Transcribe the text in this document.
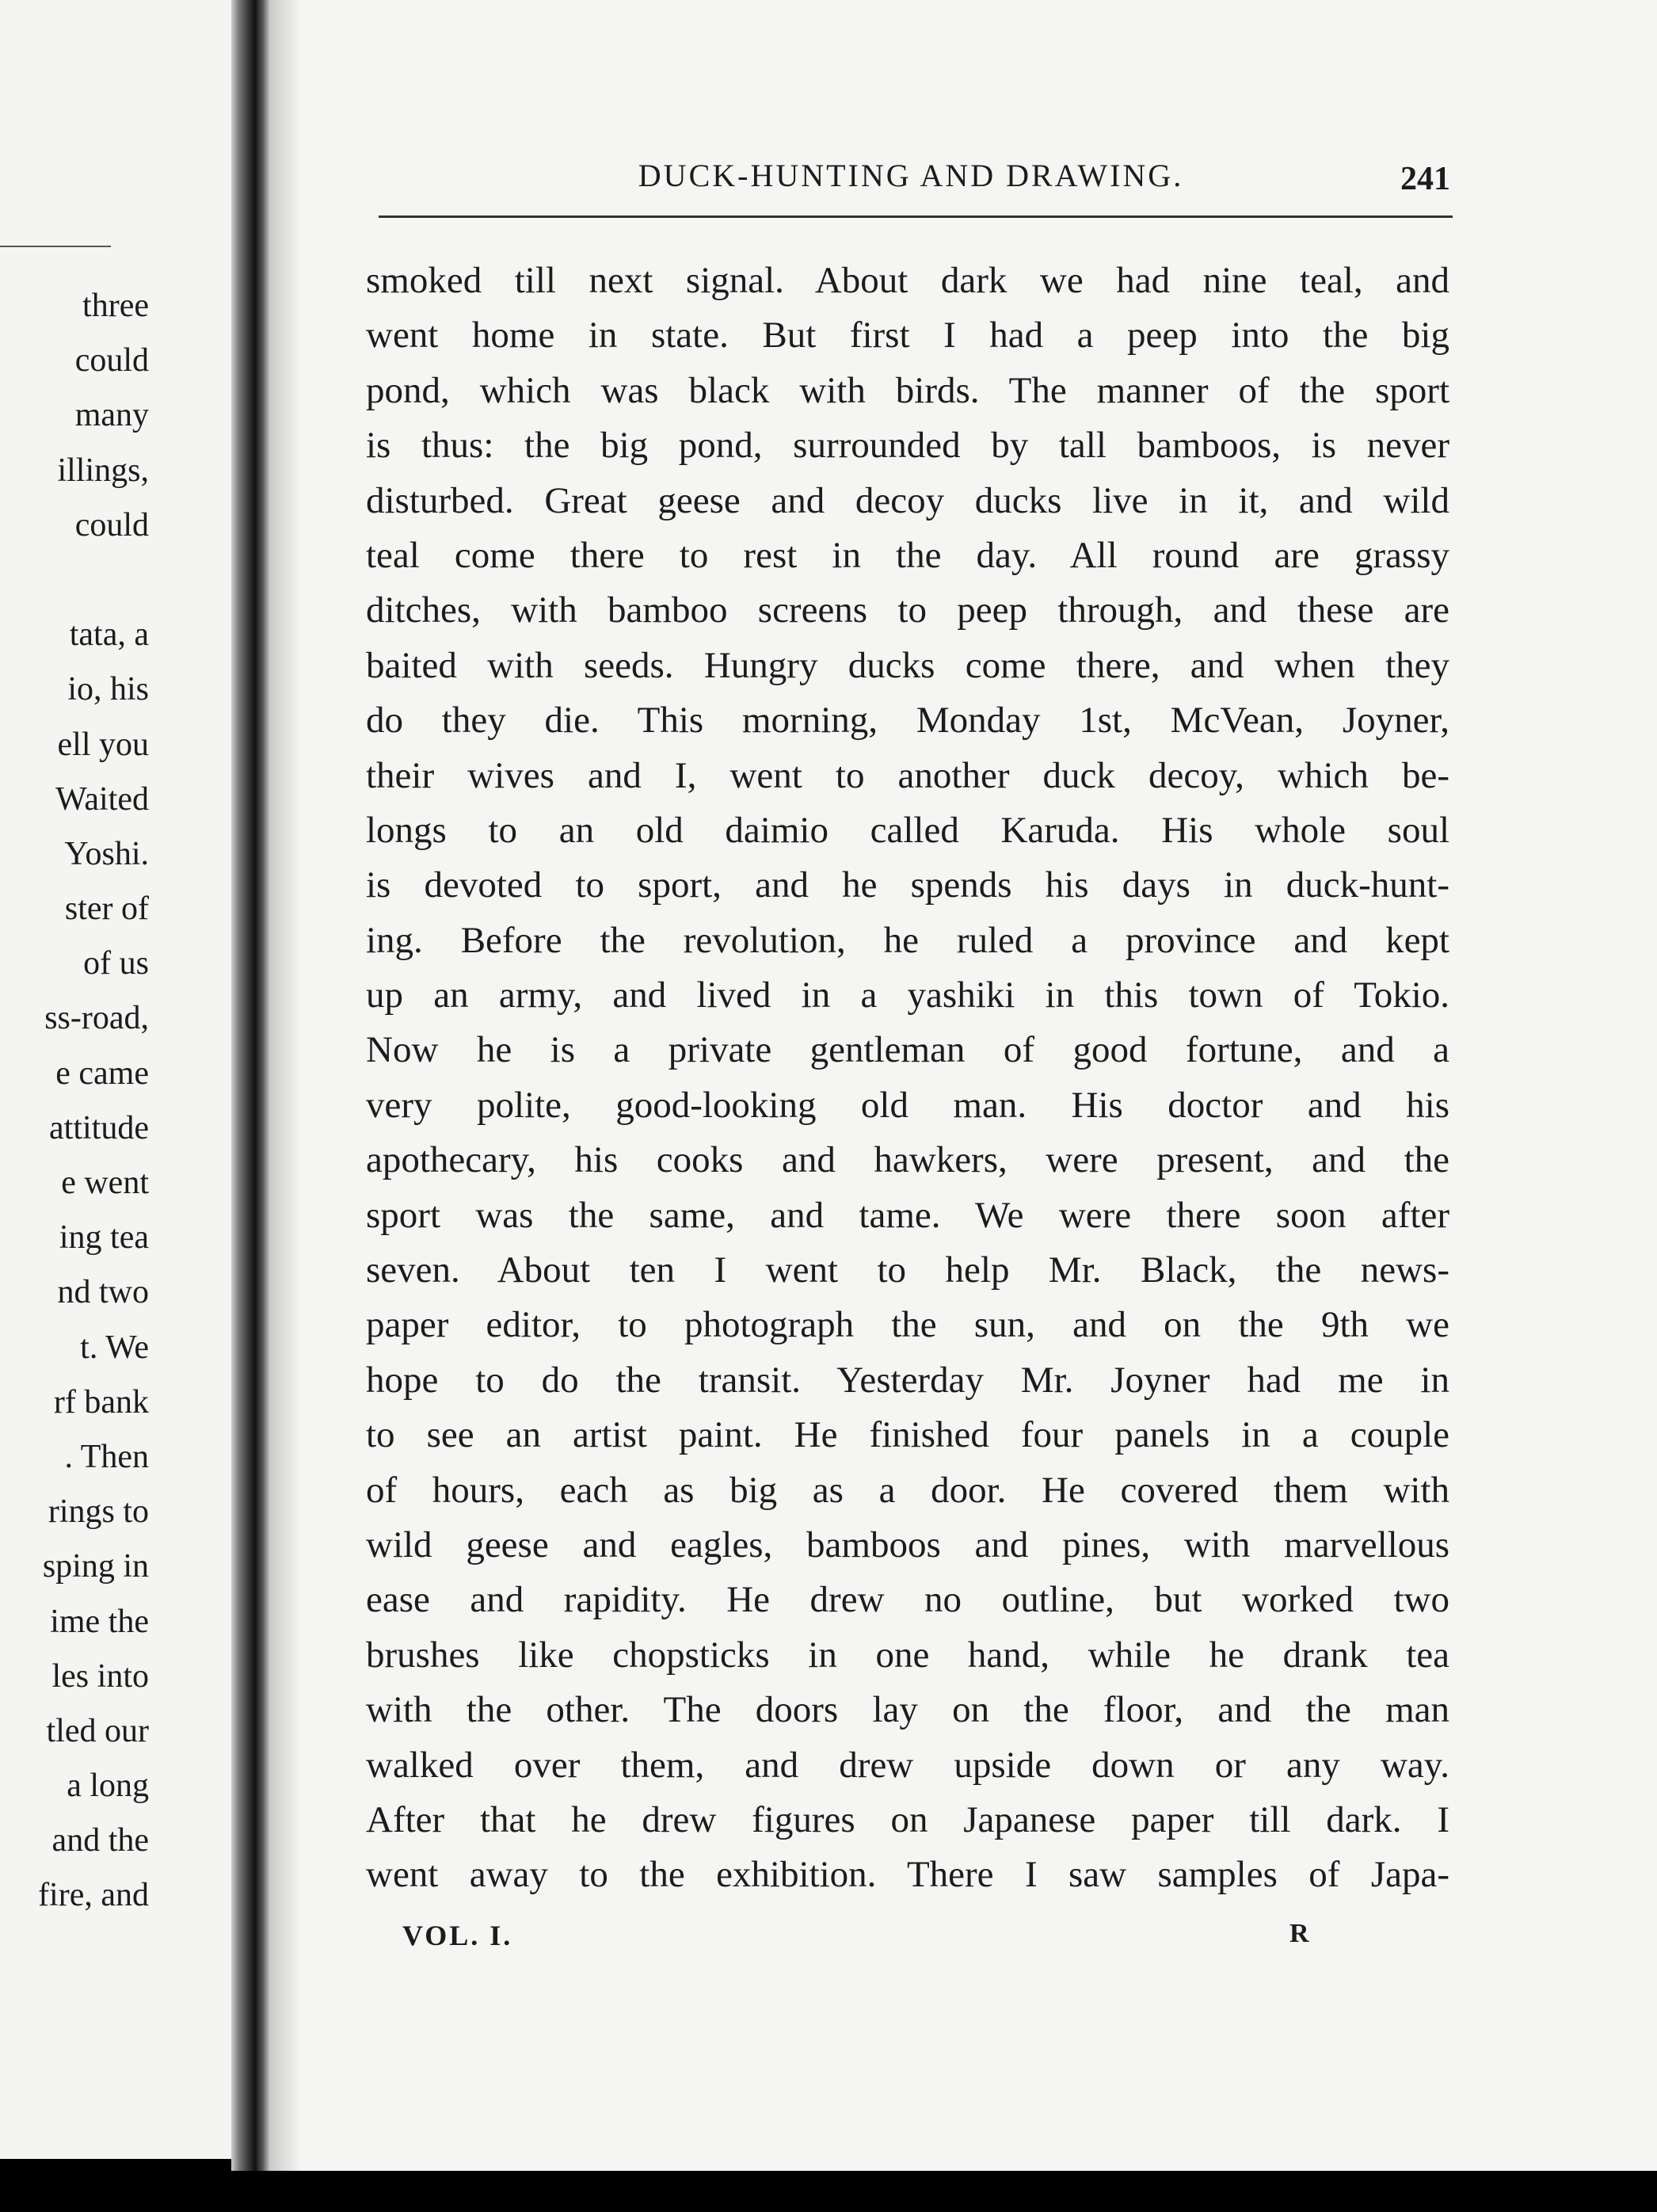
three
could
many
illings,
could
tata, a
io, his
ell you
Waited
Yoshi.
ster of
of us
ss-road,
e came
attitude
e went
ing tea
nd two
t. We
rf bank
. Then
rings to
sping in
ime the
les into
tled our
a long
and the
fire, and
DUCK-HUNTING AND DRAWING.	241
smoked till next signal. About dark we had nine teal, and
went home in state. But first I had a peep into the big
pond, which was black with birds. The manner of the sport
is thus: the big pond, surrounded by tall bamboos, is never
disturbed. Great geese and decoy ducks live in it, and wild
teal come there to rest in the day. All round are grassy
ditches, with bamboo screens to peep through, and these are
baited with seeds. Hungry ducks come there, and when they
do they die. This morning, Monday 1st, McVean, Joyner,
their wives and I, went to another duck decoy, which be-
longs to an old daimio called Karuda. His whole soul
is devoted to sport, and he spends his days in duck-hunt-
ing. Before the revolution, he ruled a province and kept
up an army, and lived in a yashiki in this town of Tokio.
Now he is a private gentleman of good fortune, and a
very polite, good-looking old man. His doctor and his
apothecary, his cooks and hawkers, were present, and the
sport was the same, and tame. We were there soon after
seven. About ten I went to help Mr. Black, the news-
paper editor, to photograph the sun, and on the 9th we
hope to do the transit. Yesterday Mr. Joyner had me in
to see an artist paint. He finished four panels in a couple
of hours, each as big as a door. He covered them with
wild geese and eagles, bamboos and pines, with marvellous
ease and rapidity. He drew no outline, but worked two
brushes like chopsticks in one hand, while he drank tea
with the other. The doors lay on the floor, and the man
walked over them, and drew upside down or any way.
After that he drew figures on Japanese paper till dark. I
went away to the exhibition. There I saw samples of Japa-
VOL. I.	R
